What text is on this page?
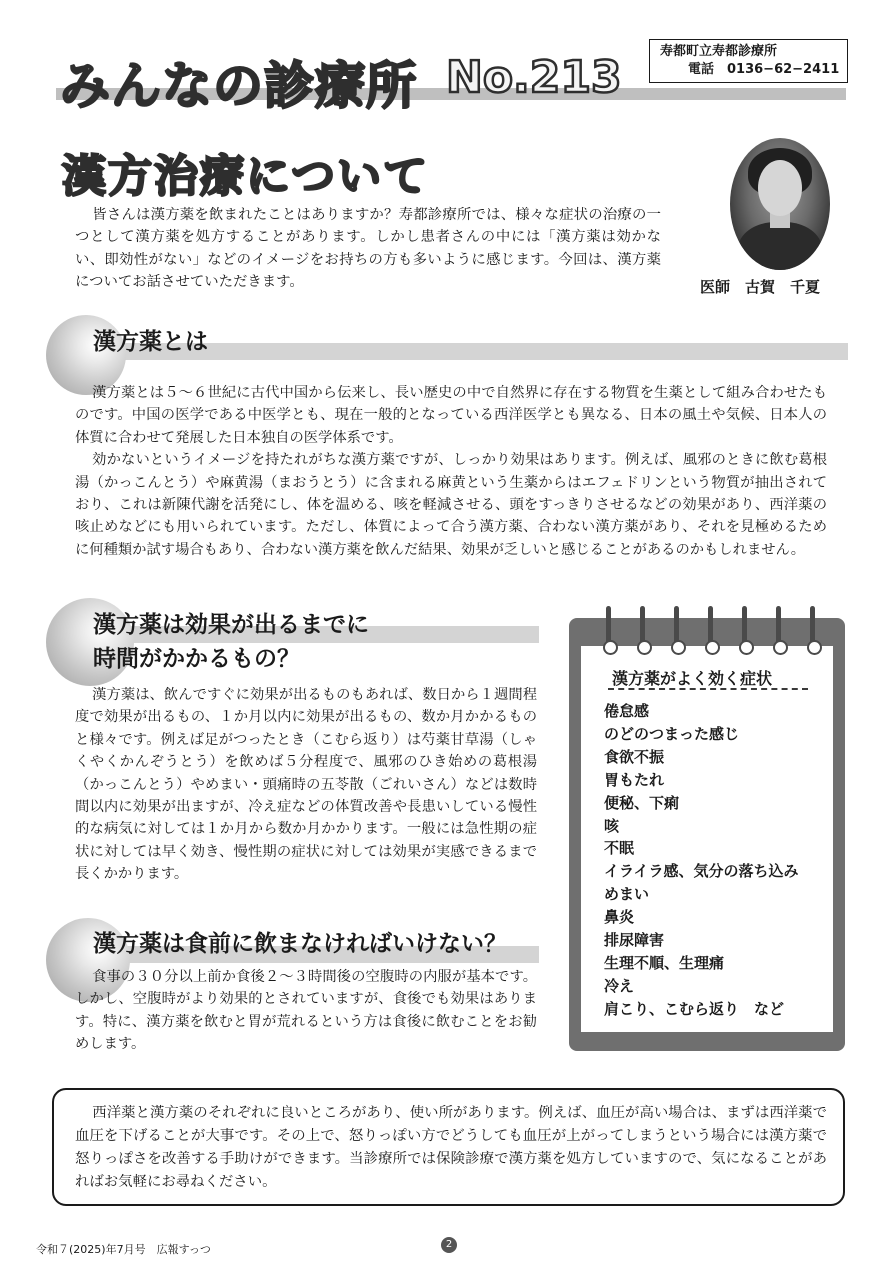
みんなの診療所 No.213
寿都町立寿都診療所
電話　0136−62−2411
漢方治療について
皆さんは漢方薬を飲まれたことはありますか？寿都診療所では、様々な症状の治療の一つとして漢方薬を処方することがあります。しかし患者さんの中には「漢方薬は効かない、即効性がない」などのイメージをお持ちの方も多いように感じます。今回は、漢方薬についてお話させていただきます。	医師　古賀　千夏
漢方薬とは

漢方薬とは５～６世紀に古代中国から伝来し、長い歴史の中で自然界に存在する物質を生薬として組み合わせたものです。中国の医学である中医学とも、現在一般的となっている西洋医学とも異なる、日本の風土や気候、日本人の体質に合わせて発展した日本独自の医学体系です。

効かないというイメージを持たれがちな漢方薬ですが、しっかり効果はあります。例えば、風邪のときに飲む葛根湯（かっこんとう）や麻黄湯（まおうとう）に含まれる麻黄という生薬からはエフェドリンという物質が抽出されており、これは新陳代謝を活発にし、体を温める、咳を軽減させる、頭をすっきりさせるなどの効果があり、西洋薬の咳止めなどにも用いられています。ただし、体質によって合う漢方薬、合わない漢方薬があり、それを見極めるために何種類か試す場合もあり、合わない漢方薬を飲んだ結果、効果が乏しいと感じることがあるのかもしれません。

漢方薬は効果が出るまでに
時間がかかるもの？

漢方薬は、飲んですぐに効果が出るものもあれば、数日から１週間程度で効果が出るもの、１か月以内に効果が出るもの、数か月かかるものと様々です。例えば足がつったとき（こむら返り）は芍薬甘草湯（しゃくやくかんぞうとう）を飲めば５分程度で、風邪のひき始めの葛根湯（かっこんとう）やめまい・頭痛時の五苓散（ごれいさん）などは数時間以内に効果が出ますが、冷え症などの体質改善や長患いしている慢性的な病気に対しては１か月から数か月かかります。一般には急性期の症状に対しては早く効き、慢性期の症状に対しては効果が実感できるまで長くかかります。

漢方薬は食前に飲まなければいけない？

食事の３０分以上前か食後２～３時間後の空腹時の内服が基本です。しかし、空腹時がより効果的とされていますが、食後でも効果はあります。特に、漢方薬を飲むと胃が荒れるという方は食後に飲むことをお勧めします。

漢方薬がよく効く症状
倦怠感
のどのつまった感じ
食欲不振
胃もたれ
便秘、下痢
咳
不眠
イライラ感、気分の落ち込み
めまい
鼻炎
排尿障害
生理不順、生理痛
冷え
肩こり、こむら返り　など
西洋薬と漢方薬のそれぞれに良いところがあり、使い所があります。例えば、血圧が高い場合は、まずは西洋薬で血圧を下げることが大事です。その上で、怒りっぽい方でどうしても血圧が上がってしまうという場合には漢方薬で怒りっぽさを改善する手助けができます。当診療所では保険診療で漢方薬を処方していますので、気になることがあればお気軽にお尋ねください。
令和７(2025)年7月号　広報すっつ	2
